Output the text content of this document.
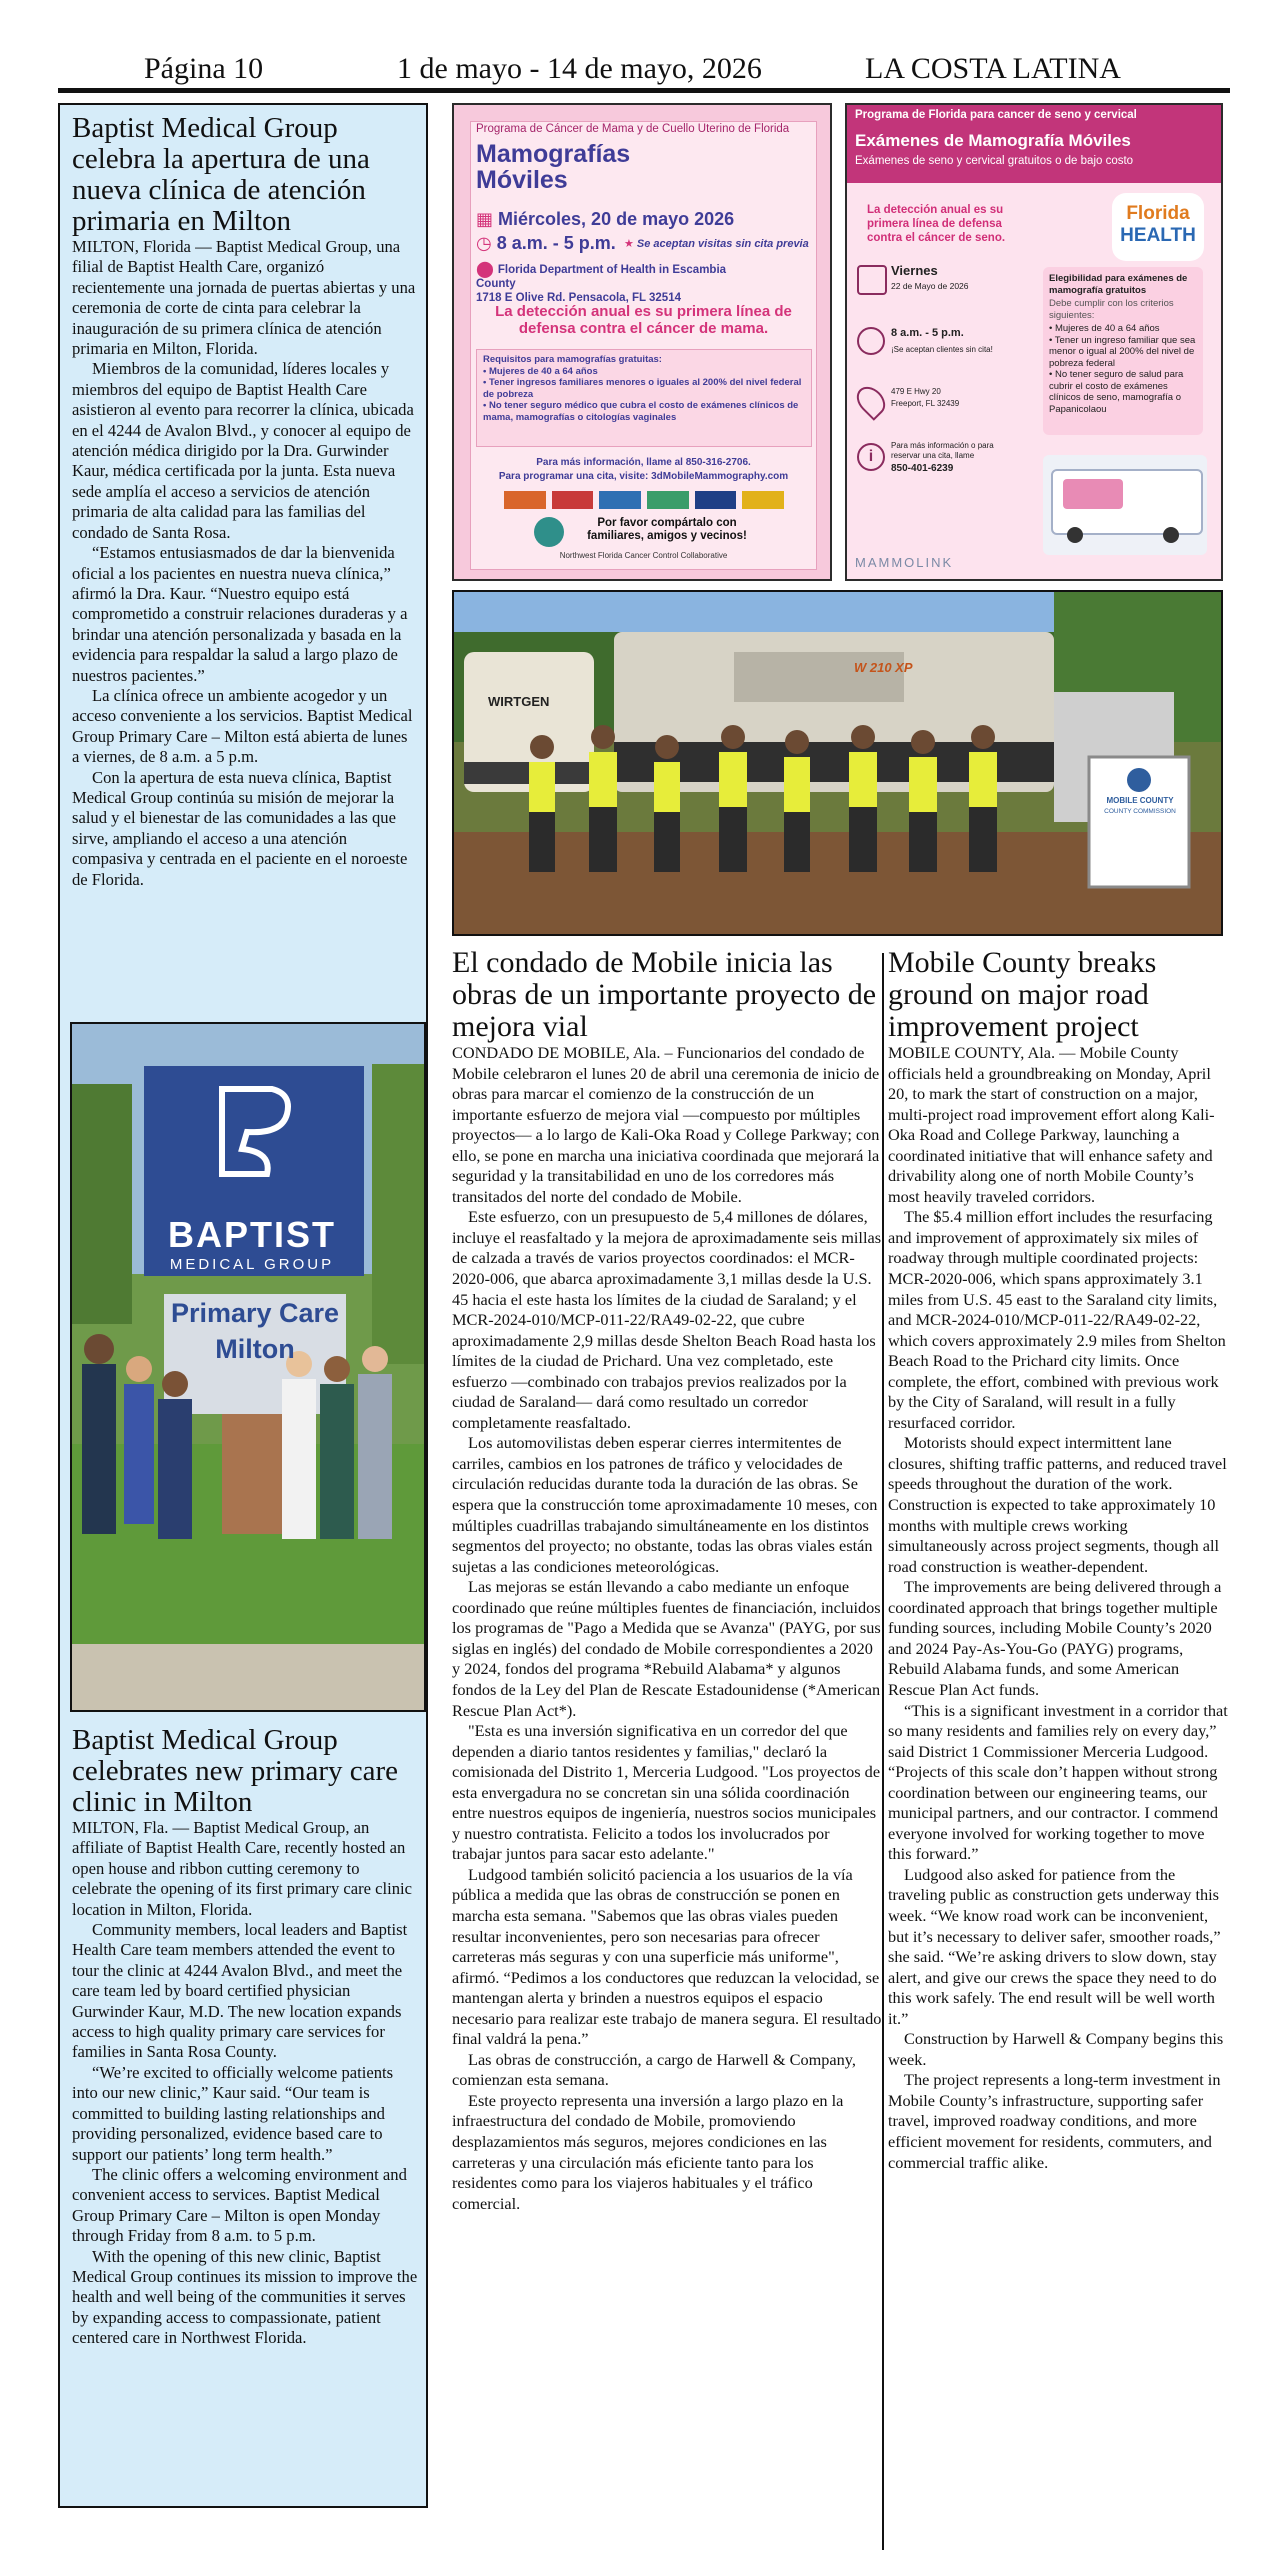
Página 10	1 de mayo - 14 de mayo, 2026	LA COSTA LATINA
Baptist Medical Group celebra la apertura de una nueva clínica de atención primaria en Milton

MILTON, Florida — Baptist Medical Group, una filial de Baptist Health Care, organizó recientemente una jornada de puertas abiertas y una ceremonia de corte de cinta para celebrar la inauguración de su primera clínica de atención primaria en Milton, Florida.

Miembros de la comunidad, líderes locales y miembros del equipo de Baptist Health Care asistieron al evento para recorrer la clínica, ubicada en el 4244 de Avalon Blvd., y conocer al equipo de atención médica dirigido por la Dra. Gurwinder Kaur, médica certificada por la junta. Esta nueva sede amplía el acceso a servicios de atención primaria de alta calidad para las familias del condado de Santa Rosa.

“Estamos entusiasmados de dar la bienvenida oficial a los pacientes en nuestra nueva clínica,” afirmó la Dra. Kaur. “Nuestro equipo está comprometido a construir relaciones duraderas y a brindar una atención personalizada y basada en la evidencia para respaldar la salud a largo plazo de nuestros pacientes.”

La clínica ofrece un ambiente acogedor y un acceso conveniente a los servicios. Baptist Medical Group Primary Care – Milton está abierta de lunes a viernes, de 8 a.m. a 5 p.m.

Con la apertura de esta nueva clínica, Baptist Medical Group continúa su misión de mejorar la salud y el bienestar de las comunidades a las que sirve, ampliando el acceso a una atención compasiva y centrada en el paciente en el noroeste de Florida.

BAPTIST
MEDICAL GROUP
Primary Care
Milton
Baptist Medical Group celebrates new primary care clinic in Milton

MILTON, Fla. — Baptist Medical Group, an affiliate of Baptist Health Care, recently hosted an open house and ribbon cutting ceremony to celebrate the opening of its first primary care clinic location in Milton, Florida.

Community members, local leaders and Baptist Health Care team members attended the event to tour the clinic at 4244 Avalon Blvd., and meet the care team led by board certified physician Gurwinder Kaur, M.D. The new location expands access to high quality primary care services for families in Santa Rosa County.

“We’re excited to officially welcome patients into our new clinic,” Kaur said. “Our team is committed to building lasting relationships and providing personalized, evidence based care to support our patients’ long term health.”

The clinic offers a welcoming environment and convenient access to services. Baptist Medical Group Primary Care – Milton is open Monday through Friday from 8 a.m. to 5 p.m.

With the opening of this new clinic, Baptist Medical Group continues its mission to improve the health and well being of the communities it serves by expanding access to compassionate, patient centered care in Northwest Florida.

Programa de Cáncer de Mama y de Cuello Uterino de Florida
Mamografías
Móviles
▦ Miércoles, 20 de mayo 2026
◷ 8 a.m. - 5 p.m. ★ Se aceptan visitas sin cita previa
⬤ Florida Department of Health in Escambia County
1718 E Olive Rd. Pensacola, FL 32514
La detección anual es su primera línea de defensa contra el cáncer de mama.
Requisitos para mamografías gratuitas:
• Mujeres de 40 a 64 años
• Tener ingresos familiares menores o iguales al 200% del nivel federal de pobreza
• No tener seguro médico que cubra el costo de exámenes clínicos de mama, mamografías o citologías vaginales
Para más información, llame al 850-316-2706.
Para programar una cita, visite: 3dMobileMammography.com
Por favor compártalo con familiares, amigos y vecinos!
Northwest Florida Cancer Control Collaborative
Programa de Florida para cancer de seno y cervical
Exámenes de Mamografía Móviles
Exámenes de seno y cervical gratuitos o de bajo costo
La detección anual es su primera línea de defensa contra el cáncer de seno.
Florida
HEALTH
Viernes
22 de Mayo de 2026
8 a.m. - 5 p.m.
¡Se aceptan clientes sin cita!
479 E Hwy 20
Freeport, FL 32439
i
Para más información o para reservar una cita, llame
850-401-6239
Elegibilidad para exámenes de mamografía gratuitos
Debe cumplir con los criterios siguientes:
• Mujeres de 40 a 64 años
• Tener un ingreso familiar que sea menor o igual al 200% del nivel de pobreza federal
• No tener seguro de salud para cubrir el costo de exámenes clínicos de seno, mamografía o Papanicolaou
MAMMOLINK
WIRTGEN
W 210 XP
MOBILE COUNTY
COUNTY COMMISSION
El condado de Mobile inicia las obras de un importante proyecto de mejora vial

CONDADO DE MOBILE, Ala. – Funcionarios del condado de Mobile celebraron el lunes 20 de abril una ceremonia de inicio de obras para marcar el comienzo de la construcción de un importante esfuerzo de mejora vial —compuesto por múltiples proyectos— a lo largo de Kali-Oka Road y College Parkway; con ello, se pone en marcha una iniciativa coordinada que mejorará la seguridad y la transitabilidad en uno de los corredores más transitados del norte del condado de Mobile.

Este esfuerzo, con un presupuesto de 5,4 millones de dólares, incluye el reasfaltado y la mejora de aproximadamente seis millas de calzada a través de varios proyectos coordinados: el MCR-2020-006, que abarca aproximadamente 3,1 millas desde la U.S. 45 hacia el este hasta los límites de la ciudad de Saraland; y el MCR-2024-010/MCP-011-22/RA49-02-22, que cubre aproximadamente 2,9 millas desde Shelton Beach Road hasta los límites de la ciudad de Prichard. Una vez completado, este esfuerzo —combinado con trabajos previos realizados por la ciudad de Saraland— dará como resultado un corredor completamente reasfaltado.

Los automovilistas deben esperar cierres intermitentes de carriles, cambios en los patrones de tráfico y velocidades de circulación reducidas durante toda la duración de las obras. Se espera que la construcción tome aproximadamente 10 meses, con múltiples cuadrillas trabajando simultáneamente en los distintos segmentos del proyecto; no obstante, todas las obras viales están sujetas a las condiciones meteorológicas.

Las mejoras se están llevando a cabo mediante un enfoque coordinado que reúne múltiples fuentes de financiación, incluidos los programas de "Pago a Medida que se Avanza" (PAYG, por sus siglas en inglés) del condado de Mobile correspondientes a 2020 y 2024, fondos del programa *Rebuild Alabama* y algunos fondos de la Ley del Plan de Rescate Estadounidense (*American Rescue Plan Act*).

"Esta es una inversión significativa en un corredor del que dependen a diario tantos residentes y familias," declaró la comisionada del Distrito 1, Merceria Ludgood. "Los proyectos de esta envergadura no se concretan sin una sólida coordinación entre nuestros equipos de ingeniería, nuestros socios municipales y nuestro contratista. Felicito a todos los involucrados por trabajar juntos para sacar esto adelante."

Ludgood también solicitó paciencia a los usuarios de la vía pública a medida que las obras de construcción se ponen en marcha esta semana. "Sabemos que las obras viales pueden resultar inconvenientes, pero son necesarias para ofrecer carreteras más seguras y con una superficie más uniforme", afirmó. “Pedimos a los conductores que reduzcan la velocidad, se mantengan alerta y brinden a nuestros equipos el espacio necesario para realizar este trabajo de manera segura. El resultado final valdrá la pena.”

Las obras de construcción, a cargo de Harwell & Company, comienzan esta semana.

Este proyecto representa una inversión a largo plazo en la infraestructura del condado de Mobile, promoviendo desplazamientos más seguros, mejores condiciones en las carreteras y una circulación más eficiente tanto para los residentes como para los viajeros habituales y el tráfico comercial.

Mobile County breaks ground on major road improvement project

MOBILE COUNTY, Ala. — Mobile County officials held a groundbreaking on Monday, April 20, to mark the start of construction on a major, multi-project road improvement effort along Kali-Oka Road and College Parkway, launching a coordinated initiative that will enhance safety and drivability along one of north Mobile County’s most heavily traveled corridors.

The $5.4 million effort includes the resurfacing and improvement of approximately six miles of roadway through multiple coordinated projects: MCR-2020-006, which spans approximately 3.1 miles from U.S. 45 east to the Saraland city limits, and MCR-2024-010/MCP-011-22/RA49-02-22, which covers approximately 2.9 miles from Shelton Beach Road to the Prichard city limits. Once complete, the effort, combined with previous work by the City of Saraland, will result in a fully resurfaced corridor.

Motorists should expect intermittent lane closures, shifting traffic patterns, and reduced travel speeds throughout the duration of the work. Construction is expected to take approximately 10 months with multiple crews working simultaneously across project segments, though all road construction is weather-dependent.

The improvements are being delivered through a coordinated approach that brings together multiple funding sources, including Mobile County’s 2020 and 2024 Pay-As-You-Go (PAYG) programs, Rebuild Alabama funds, and some American Rescue Plan Act funds.

“This is a significant investment in a corridor that so many residents and families rely on every day,” said District 1 Commissioner Merceria Ludgood. “Projects of this scale don’t happen without strong coordination between our engineering teams, our municipal partners, and our contractor. I commend everyone involved for working together to move this forward.”

Ludgood also asked for patience from the traveling public as construction gets underway this week. “We know road work can be inconvenient, but it’s necessary to deliver safer, smoother roads,” she said. “We’re asking drivers to slow down, stay alert, and give our crews the space they need to do this work safely. The end result will be well worth it.”

Construction by Harwell & Company begins this week.

The project represents a long-term investment in Mobile County’s infrastructure, supporting safer travel, improved roadway conditions, and more efficient movement for residents, commuters, and commercial traffic alike.
